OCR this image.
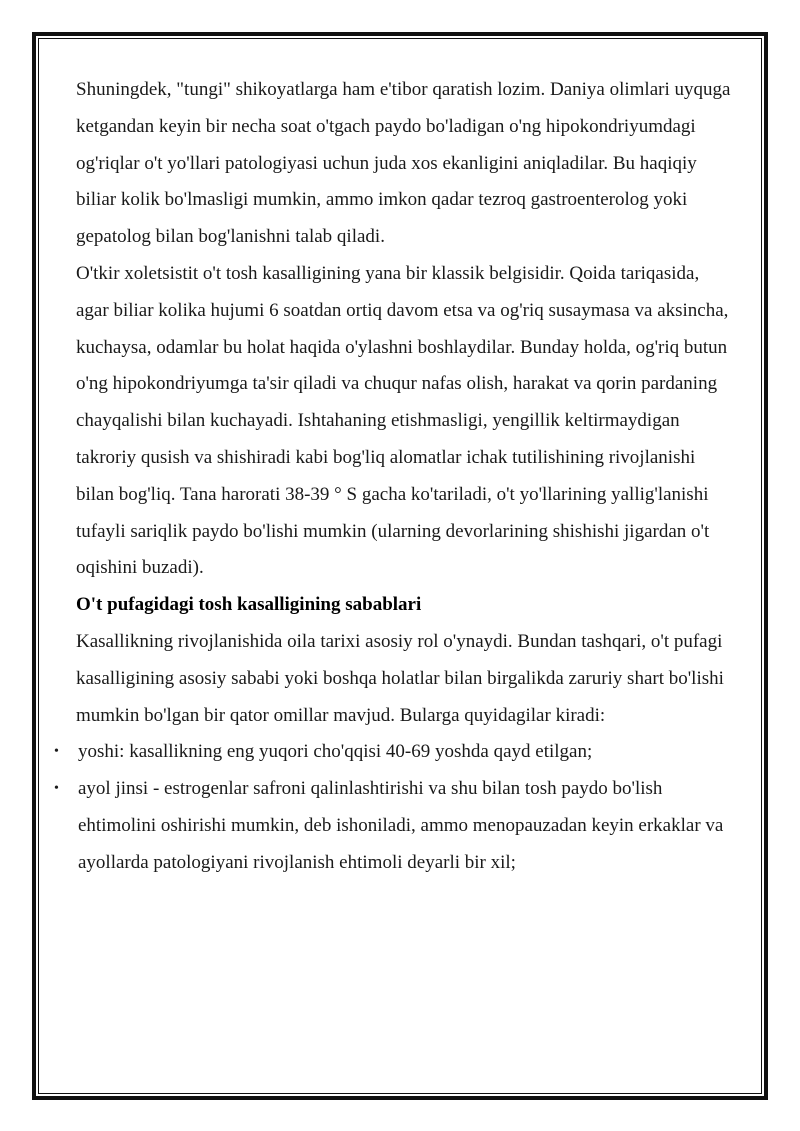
Shuningdek, "tungi" shikoyatlarga ham e'tibor qaratish lozim. Daniya olimlari uyquga ketgandan keyin bir necha soat o'tgach paydo bo'ladigan o'ng hipokondriyumdagi og'riqlar o't yo'llari patologiyasi uchun juda xos ekanligini aniqladilar. Bu haqiqiy biliar kolik bo'lmasligi mumkin, ammo imkon qadar tezroq gastroenterolog yoki gepatolog bilan bog'lanishni talab qiladi.

O'tkir xoletsistit o't tosh kasalligining yana bir klassik belgisidir. Qoida tariqasida, agar biliar kolika hujumi 6 soatdan ortiq davom etsa va og'riq susaymasa va aksincha, kuchaysa, odamlar bu holat haqida o'ylashni boshlaydilar. Bunday holda, og'riq butun o'ng hipokondriyumga ta'sir qiladi va chuqur nafas olish, harakat va qorin pardaning chayqalishi bilan kuchayadi. Ishtahaning etishmasligi, yengillik keltirmaydigan takroriy qusish va shishiradi kabi bog'liq alomatlar ichak tutilishining rivojlanishi bilan bog'liq. Tana harorati 38-39 ° S gacha ko'tariladi, o't yo'llarining yallig'lanishi tufayli sariqlik paydo bo'lishi mumkin (ularning devorlarining shishishi jigardan o't oqishini buzadi).

O't pufagidagi tosh kasalligining sabablari

Kasallikning rivojlanishida oila tarixi asosiy rol o'ynaydi. Bundan tashqari, o't pufagi kasalligining asosiy sababi yoki boshqa holatlar bilan birgalikda zaruriy shart bo'lishi mumkin bo'lgan bir qator omillar mavjud. Bularga quyidagilar kiradi:

• yoshi: kasallikning eng yuqori cho'qqisi 40-69 yoshda qayd etilgan;
• ayol jinsi - estrogenlar safroni qalinlashtirishi va shu bilan tosh paydo bo'lish ehtimolini oshirishi mumkin, deb ishoniladi, ammo menopauzadan keyin erkaklar va ayollarda patologiyani rivojlanish ehtimoli deyarli bir xil;
